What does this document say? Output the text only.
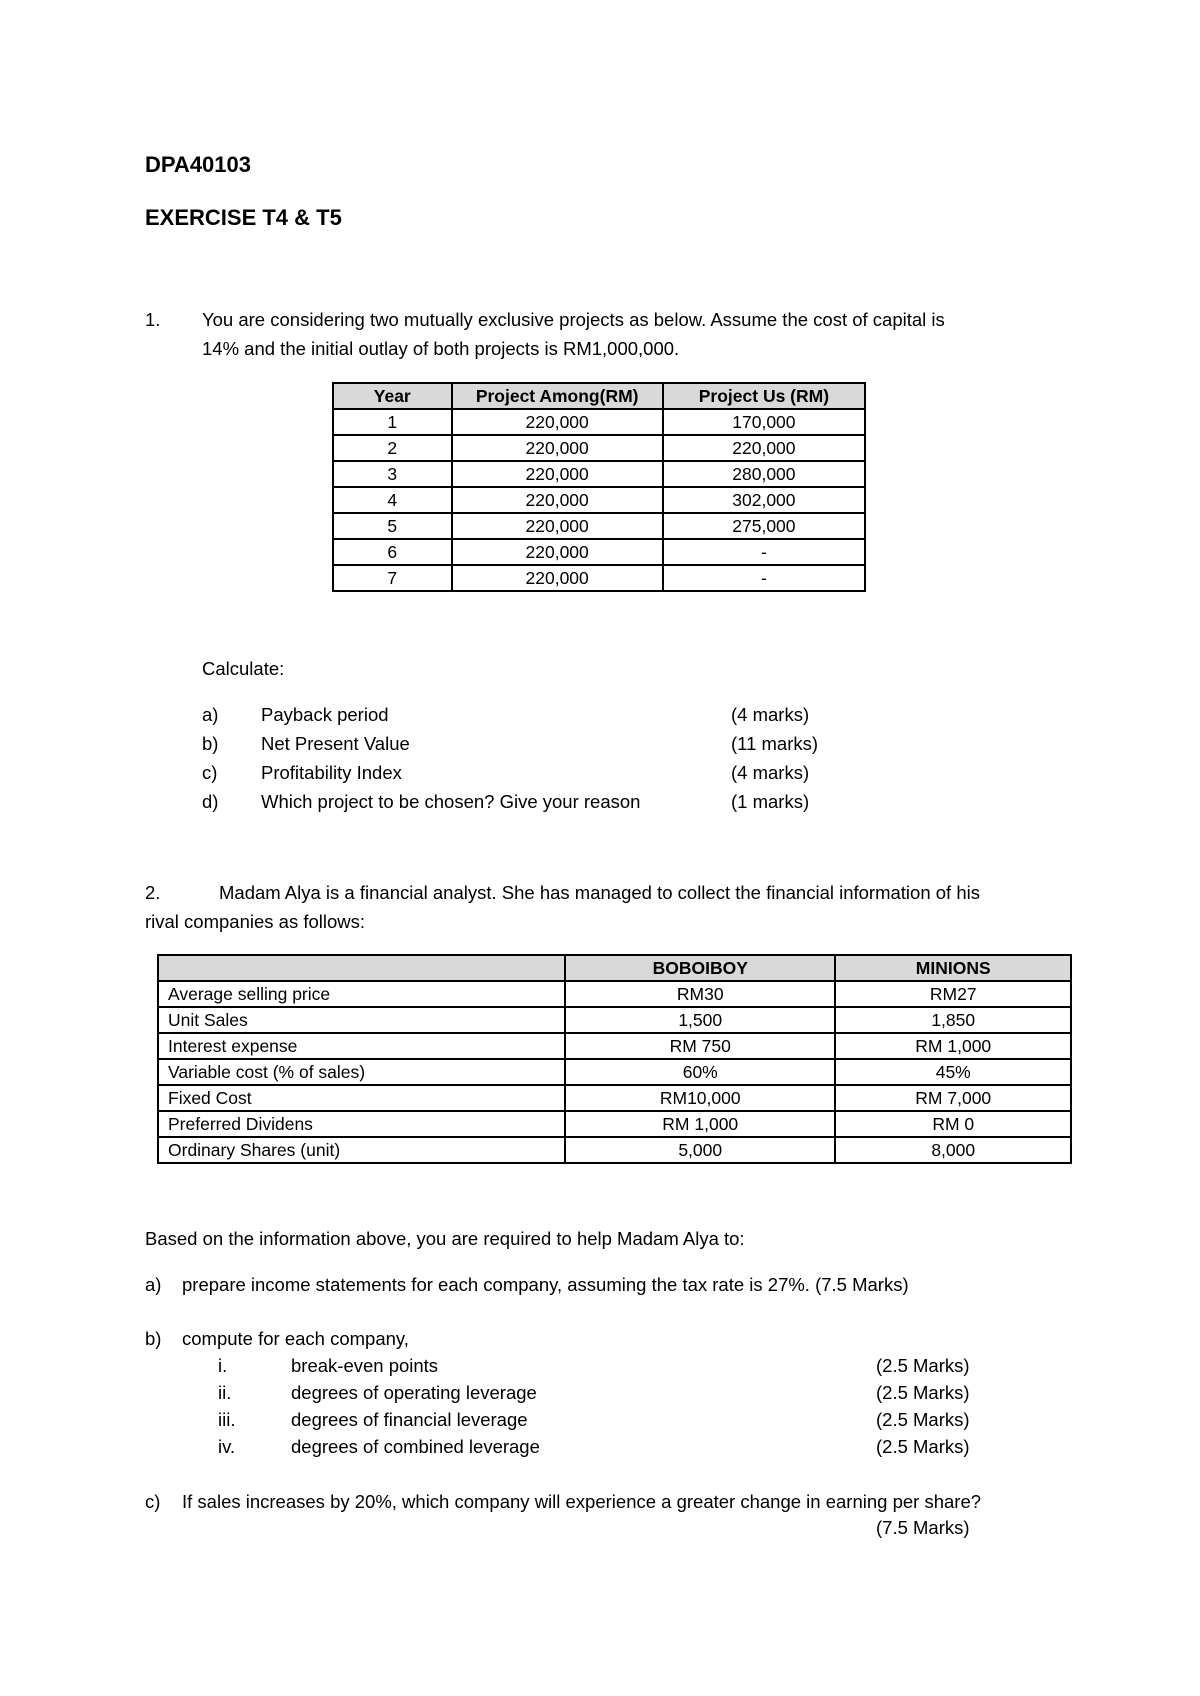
DPA40103
EXERCISE T4 & T5
1. You are considering two mutually exclusive projects as below. Assume the cost of capital is
14% and the initial outlay of both projects is RM1,000,000.
Year	Project Among(RM)	Project Us (RM)
1	220,000	170,000
2	220,000	220,000
3	220,000	280,000
4	220,000	302,000
5	220,000	275,000
6	220,000	-
7	220,000	-
Calculate:
a) Payback period	(4 marks)
b) Net Present Value	(11 marks)
c) Profitability Index	(4 marks)
d) Which project to be chosen? Give your reason	(1 marks)
2.	Madam Alya is a financial analyst. She has managed to collect the financial information of his
rival companies as follows:
	BOBOIBOY	MINIONS
Average selling price	RM30	RM27
Unit Sales	1,500	1,850
Interest expense	RM 750	RM 1,000
Variable cost (% of sales)	60%	45%
Fixed Cost	RM10,000	RM 7,000
Preferred Dividens	RM 1,000	RM 0
Ordinary Shares (unit)	5,000	8,000
Based on the information above, you are required to help Madam Alya to:
a) prepare income statements for each company, assuming the tax rate is 27%. (7.5 Marks)
b) compute for each company,
i.	break-even points	(2.5 Marks)
ii.	degrees of operating leverage	(2.5 Marks)
iii.	degrees of financial leverage	(2.5 Marks)
iv.	degrees of combined leverage	(2.5 Marks)
c) If sales increases by 20%, which company will experience a greater change in earning per share?
(7.5 Marks)
